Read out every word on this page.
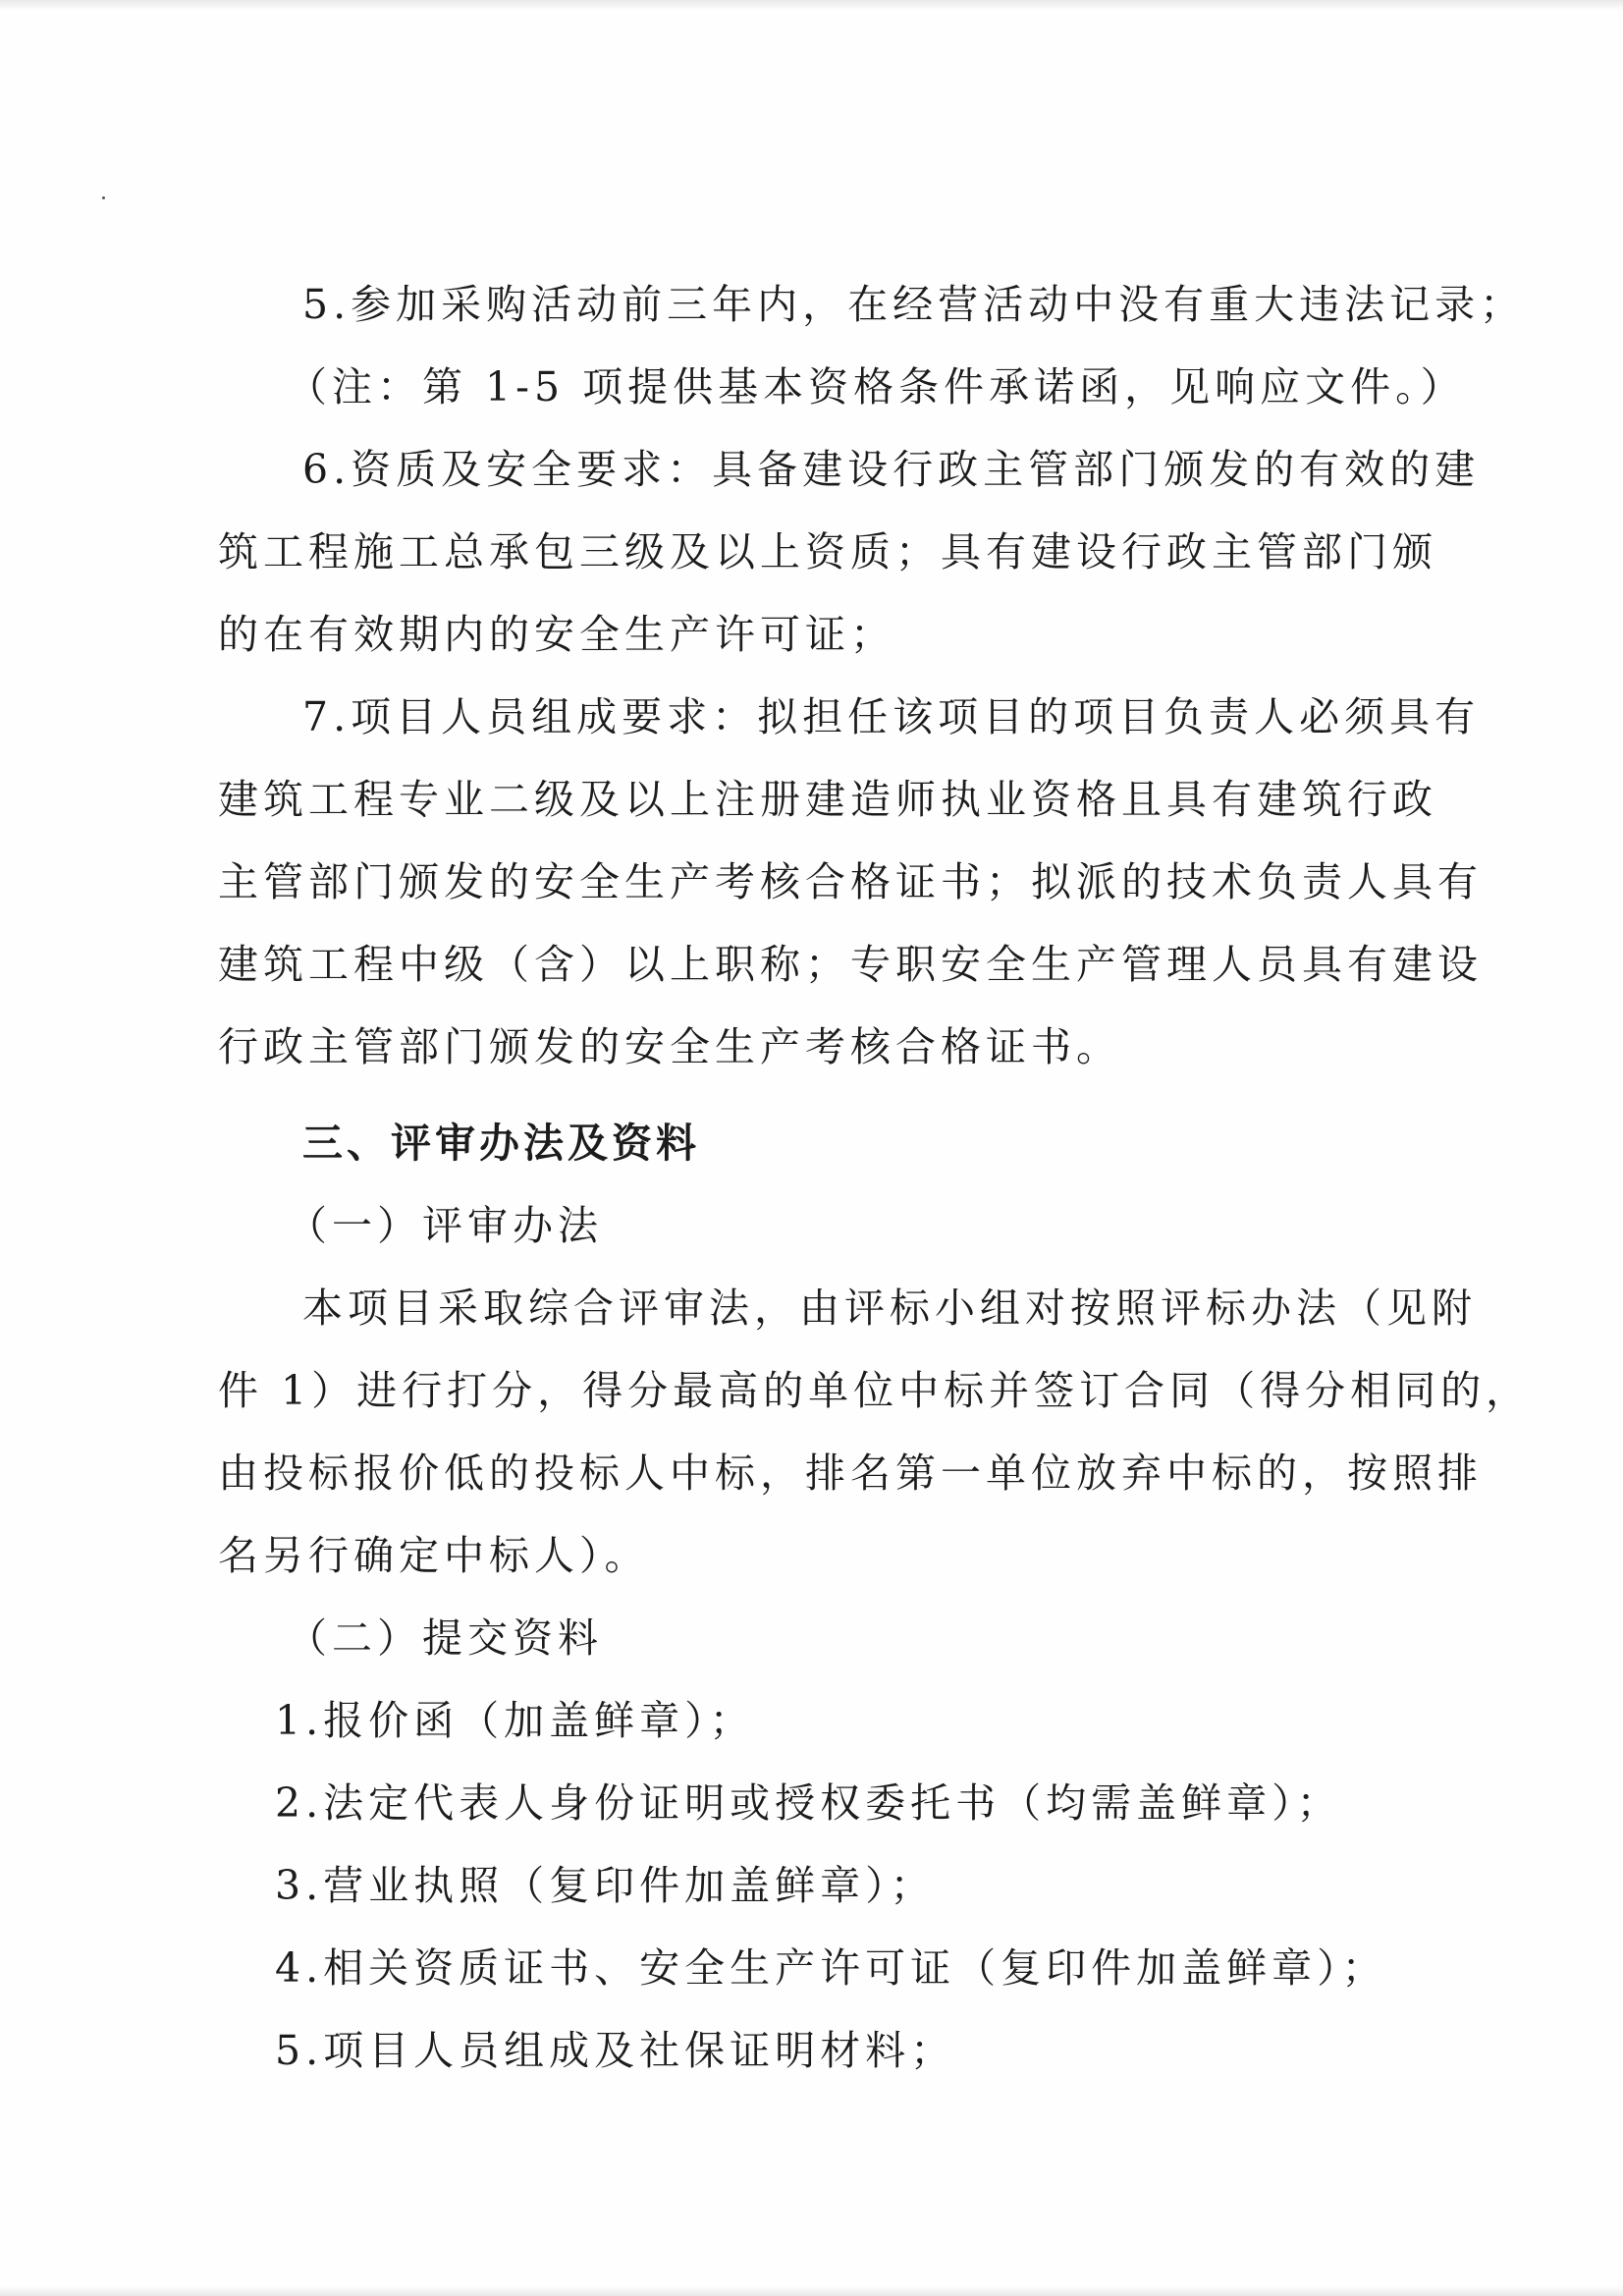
5.参加采购活动前三年内，在经营活动中没有重大违法记录；
（注：第 1-5 项提供基本资格条件承诺函，见响应文件。）
6.资质及安全要求：具备建设行政主管部门颁发的有效的建
筑工程施工总承包三级及以上资质；具有建设行政主管部门颁
的在有效期内的安全生产许可证；
7.项目人员组成要求：拟担任该项目的项目负责人必须具有
建筑工程专业二级及以上注册建造师执业资格且具有建筑行政
主管部门颁发的安全生产考核合格证书；拟派的技术负责人具有
建筑工程中级（含）以上职称；专职安全生产管理人员具有建设
行政主管部门颁发的安全生产考核合格证书。
三、评审办法及资料
（一）评审办法
本项目采取综合评审法，由评标小组对按照评标办法（见附
件 1）进行打分，得分最高的单位中标并签订合同（得分相同的，
由投标报价低的投标人中标，排名第一单位放弃中标的，按照排
名另行确定中标人）。
（二）提交资料
1.报价函（加盖鲜章）；
2.法定代表人身份证明或授权委托书（均需盖鲜章）；
3.营业执照（复印件加盖鲜章）；
4.相关资质证书、安全生产许可证（复印件加盖鲜章）；
5.项目人员组成及社保证明材料；
